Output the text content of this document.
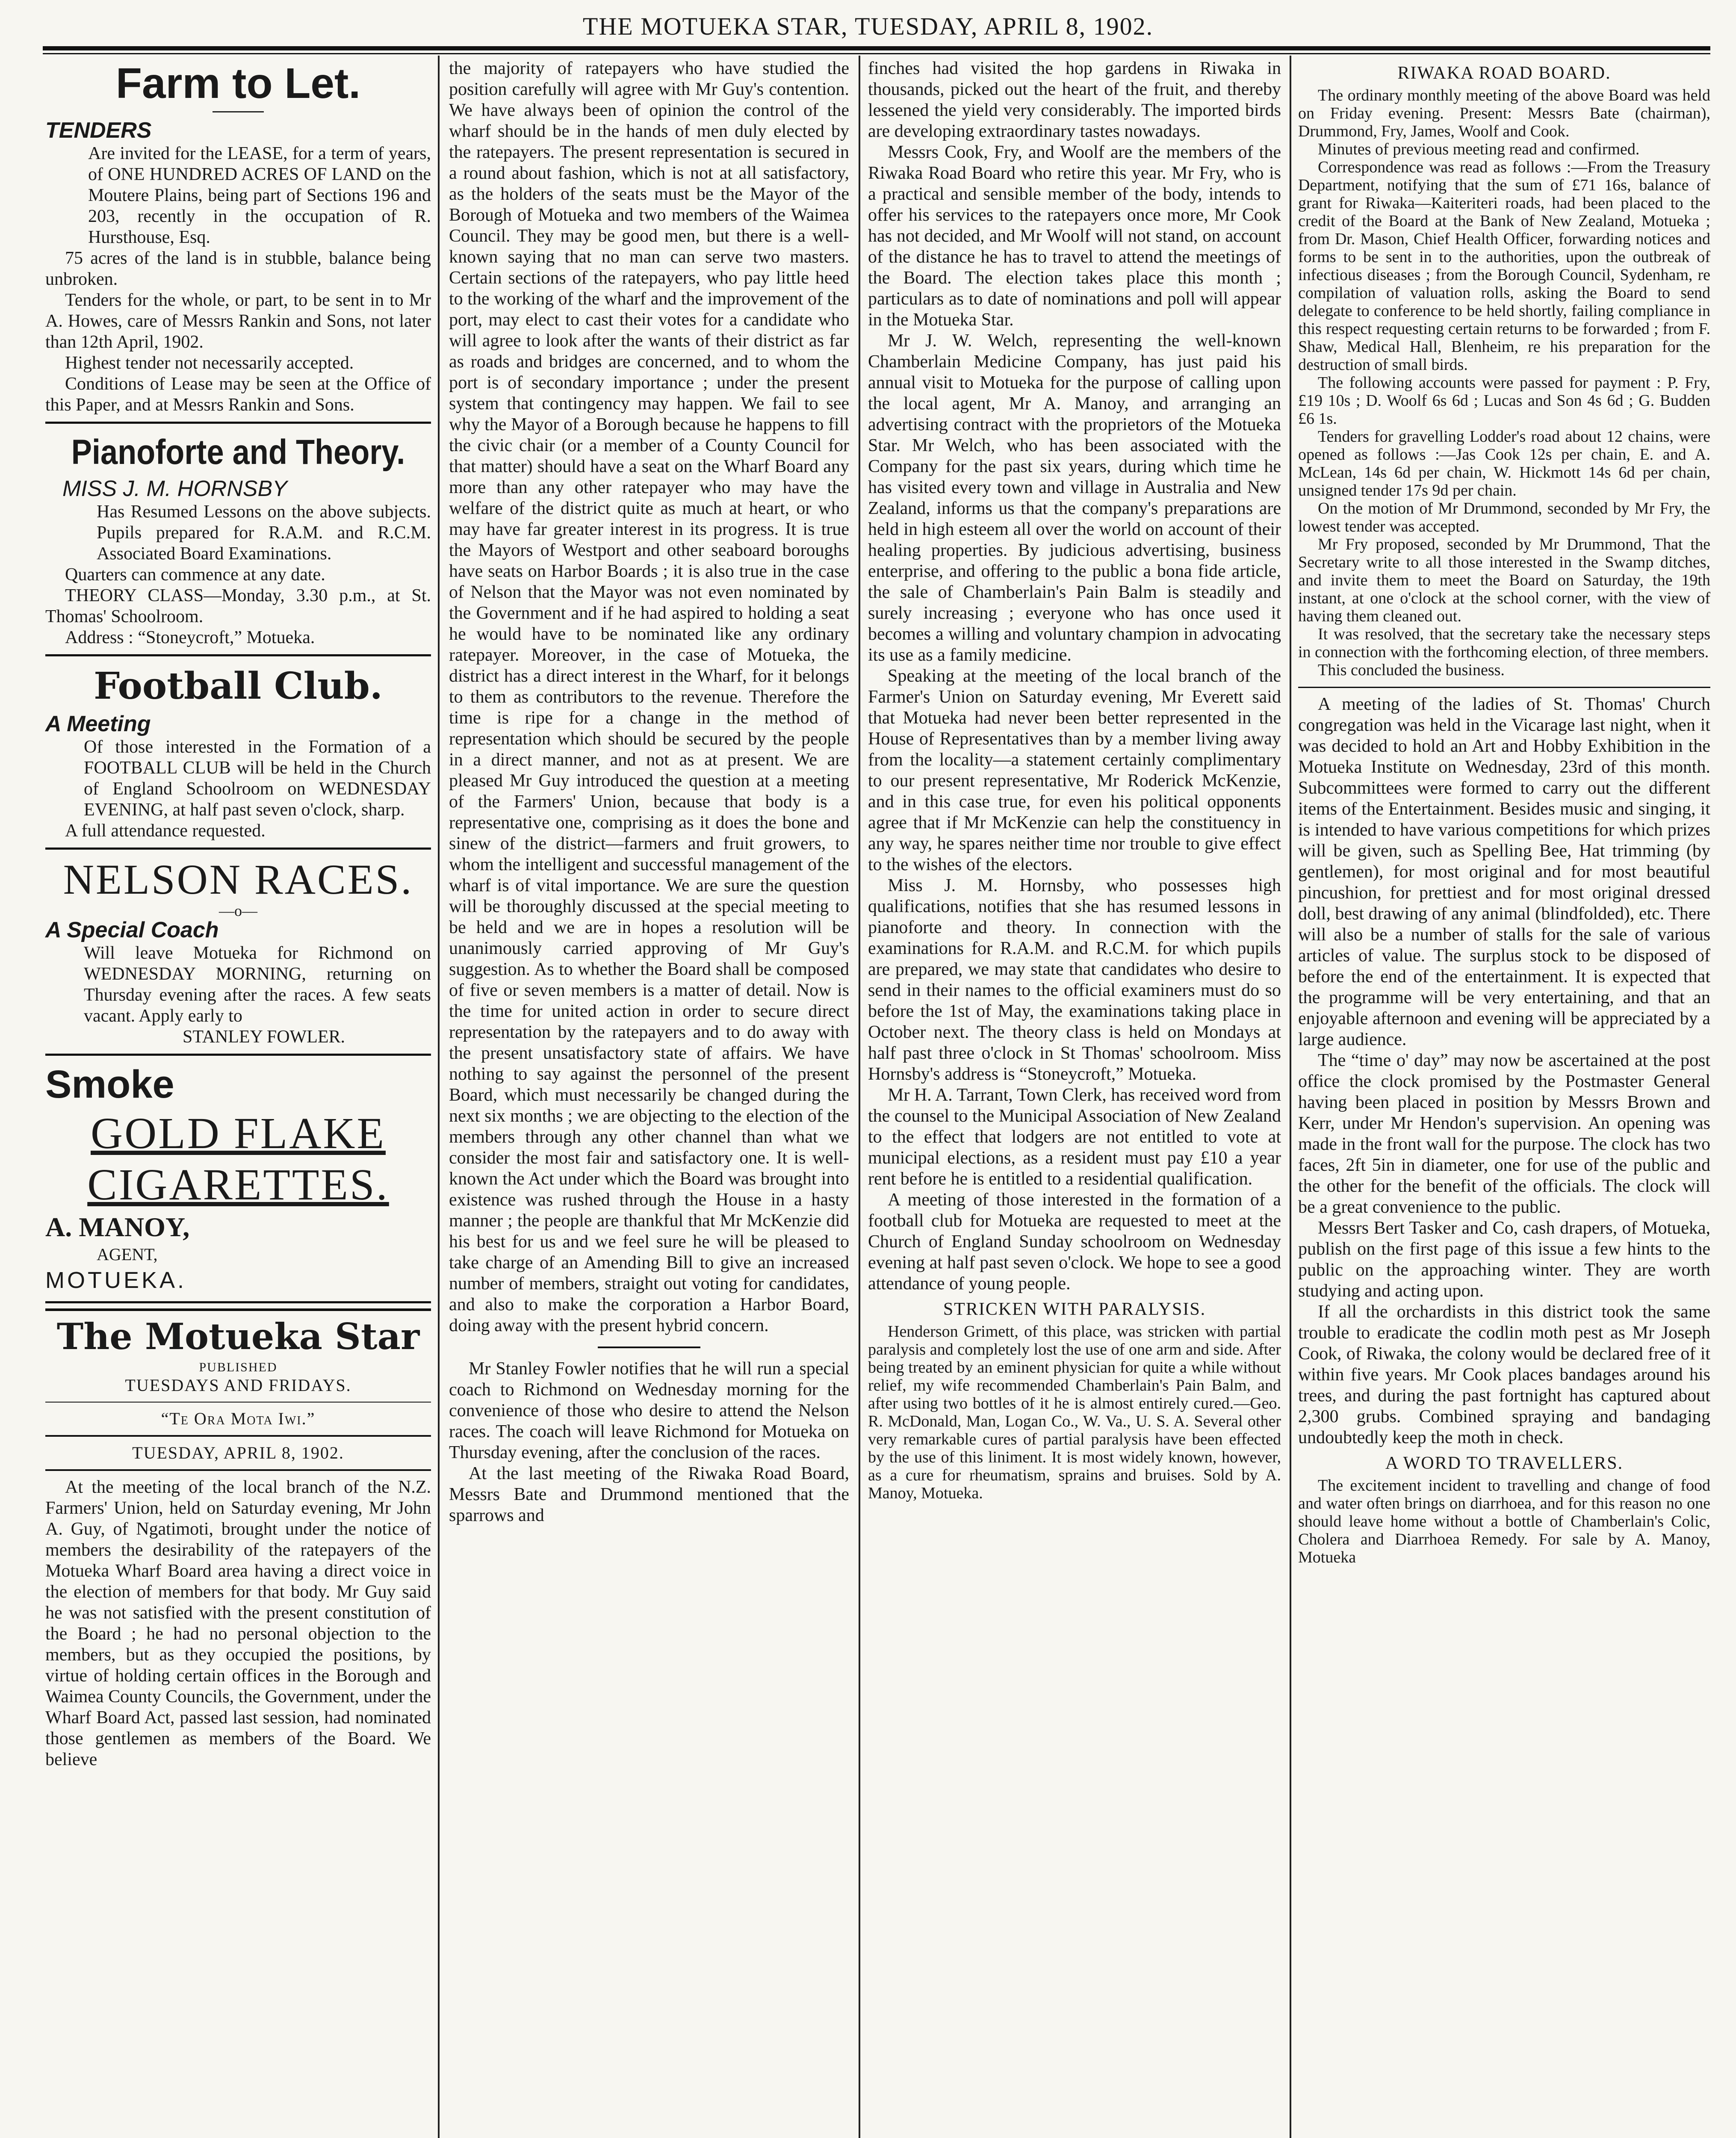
THE MOTUEKA STAR, TUESDAY, APRIL 8, 1902.
Farm to Let.
TENDERS

Are invited for the LEASE, for a term of years, of ONE HUNDRED ACRES OF LAND on the Moutere Plains, being part of Sections 196 and 203, recently in the occupation of R. Hursthouse, Esq.

75 acres of the land is in stubble, balance being unbroken.

Tenders for the whole, or part, to be sent in to Mr A. Howes, care of Messrs Rankin and Sons, not later than 12th April, 1902.

Highest tender not necessarily accepted.

Conditions of Lease may be seen at the Office of this Paper, and at Messrs Rankin and Sons.

Pianoforte and Theory.
MISS J. M. HORNSBY

Has Resumed Lessons on the above subjects. Pupils prepared for R.A.M. and R.C.M. Associated Board Examinations.

Quarters can commence at any date.

THEORY CLASS—Monday, 3.30 p.m., at St. Thomas' Schoolroom.

Address : “Stoneycroft,” Motueka.

Football Club.
A Meeting

Of those interested in the Formation of a FOOTBALL CLUB will be held in the Church of England Schoolroom on WEDNESDAY EVENING, at half past seven o'clock, sharp.

A full attendance requested.

NELSON RACES.
—o—
A Special Coach

Will leave Motueka for Richmond on WEDNESDAY MORNING, returning on Thursday evening after the races. A few seats vacant. Apply early to

STANLEY FOWLER.

Smoke
GOLD FLAKE
CIGARETTES.
A. MANOY,
AGENT,
MOTUEKA.
The Motueka Star
PUBLISHED
TUESDAYS AND FRIDAYS.
“Te Ora Mota Iwi.”
TUESDAY, APRIL 8, 1902.

At the meeting of the local branch of the N.Z. Farmers' Union, held on Saturday evening, Mr John A. Guy, of Ngatimoti, brought under the notice of members the desirability of the ratepayers of the Motueka Wharf Board area having a direct voice in the election of members for that body. Mr Guy said he was not satisfied with the present constitution of the Board ; he had no personal objection to the members, but as they occupied the positions, by virtue of holding certain offices in the Borough and Waimea County Councils, the Government, under the Wharf Board Act, passed last session, had nominated those gentlemen as members of the Board. We believe

the majority of ratepayers who have studied the position carefully will agree with Mr Guy's contention. We have always been of opinion the control of the wharf should be in the hands of men duly elected by the ratepayers. The present representation is secured in a round about fashion, which is not at all satisfactory, as the holders of the seats must be the Mayor of the Borough of Motueka and two members of the Waimea Council. They may be good men, but there is a well-known saying that no man can serve two masters. Certain sections of the ratepayers, who pay little heed to the working of the wharf and the improvement of the port, may elect to cast their votes for a candidate who will agree to look after the wants of their district as far as roads and bridges are concerned, and to whom the port is of secondary importance ; under the present system that contingency may happen. We fail to see why the Mayor of a Borough because he happens to fill the civic chair (or a member of a County Council for that matter) should have a seat on the Wharf Board any more than any other ratepayer who may have the welfare of the district quite as much at heart, or who may have far greater interest in its progress. It is true the Mayors of Westport and other seaboard boroughs have seats on Harbor Boards ; it is also true in the case of Nelson that the Mayor was not even nominated by the Government and if he had aspired to holding a seat he would have to be nominated like any ordinary ratepayer. Moreover, in the case of Motueka, the district has a direct interest in the Wharf, for it belongs to them as contributors to the revenue. Therefore the time is ripe for a change in the method of representation which should be secured by the people in a direct manner, and not as at present. We are pleased Mr Guy introduced the question at a meeting of the Farmers' Union, because that body is a representative one, comprising as it does the bone and sinew of the district—farmers and fruit growers, to whom the intelligent and successful management of the wharf is of vital importance. We are sure the question will be thoroughly discussed at the special meeting to be held and we are in hopes a resolution will be unanimously carried approving of Mr Guy's suggestion. As to whether the Board shall be composed of five or seven members is a matter of detail. Now is the time for united action in order to secure direct representation by the ratepayers and to do away with the present unsatisfactory state of affairs. We have nothing to say against the personnel of the present Board, which must necessarily be changed during the next six months ; we are objecting to the election of the members through any other channel than what we consider the most fair and satisfactory one. It is well-known the Act under which the Board was brought into existence was rushed through the House in a hasty manner ; the people are thankful that Mr McKenzie did his best for us and we feel sure he will be pleased to take charge of an Amending Bill to give an increased number of members, straight out voting for candidates, and also to make the corporation a Harbor Board, doing away with the present hybrid concern.

Mr Stanley Fowler notifies that he will run a special coach to Richmond on Wednesday morning for the convenience of those who desire to attend the Nelson races. The coach will leave Richmond for Motueka on Thursday evening, after the conclusion of the races.

At the last meeting of the Riwaka Road Board, Messrs Bate and Drummond mentioned that the sparrows and

finches had visited the hop gardens in Riwaka in thousands, picked out the heart of the fruit, and thereby lessened the yield very considerably. The imported birds are developing extraordinary tastes nowadays.

Messrs Cook, Fry, and Woolf are the members of the Riwaka Road Board who retire this year. Mr Fry, who is a practical and sensible member of the body, intends to offer his services to the ratepayers once more, Mr Cook has not decided, and Mr Woolf will not stand, on account of the distance he has to travel to attend the meetings of the Board. The election takes place this month ; particulars as to date of nominations and poll will appear in the Motueka Star.

Mr J. W. Welch, representing the well-known Chamberlain Medicine Company, has just paid his annual visit to Motueka for the purpose of calling upon the local agent, Mr A. Manoy, and arranging an advertising contract with the proprietors of the Motueka Star. Mr Welch, who has been associated with the Company for the past six years, during which time he has visited every town and village in Australia and New Zealand, informs us that the company's preparations are held in high esteem all over the world on account of their healing properties. By judicious advertising, business enterprise, and offering to the public a bona fide article, the sale of Chamberlain's Pain Balm is steadily and surely increasing ; everyone who has once used it becomes a willing and voluntary champion in advocating its use as a family medicine.

Speaking at the meeting of the local branch of the Farmer's Union on Saturday evening, Mr Everett said that Motueka had never been better represented in the House of Representatives than by a member living away from the locality—a statement certainly complimentary to our present representative, Mr Roderick McKenzie, and in this case true, for even his political opponents agree that if Mr McKenzie can help the constituency in any way, he spares neither time nor trouble to give effect to the wishes of the electors.

Miss J. M. Hornsby, who possesses high qualifications, notifies that she has resumed lessons in pianoforte and theory. In connection with the examinations for R.A.M. and R.C.M. for which pupils are prepared, we may state that candidates who desire to send in their names to the official examiners must do so before the 1st of May, the examinations taking place in October next. The theory class is held on Mondays at half past three o'clock in St Thomas' schoolroom. Miss Hornsby's address is “Stoneycroft,” Motueka.

Mr H. A. Tarrant, Town Clerk, has received word from the counsel to the Municipal Association of New Zealand to the effect that lodgers are not entitled to vote at municipal elections, as a resident must pay £10 a year rent before he is entitled to a residential qualification.

A meeting of those interested in the formation of a football club for Motueka are requested to meet at the Church of England Sunday schoolroom on Wednesday evening at half past seven o'clock. We hope to see a good attendance of young people.

STRICKEN WITH PARALYSIS.

Henderson Grimett, of this place, was stricken with partial paralysis and completely lost the use of one arm and side. After being treated by an eminent physician for quite a while without relief, my wife recommended Chamberlain's Pain Balm, and after using two bottles of it he is almost entirely cured.—Geo. R. McDonald, Man, Logan Co., W. Va., U. S. A. Several other very remarkable cures of partial paralysis have been effected by the use of this liniment. It is most widely known, however, as a cure for rheumatism, sprains and bruises. Sold by A. Manoy, Motueka.

RIWAKA ROAD BOARD.

The ordinary monthly meeting of the above Board was held on Friday evening. Present: Messrs Bate (chairman), Drummond, Fry, James, Woolf and Cook.

Minutes of previous meeting read and confirmed.

Correspondence was read as follows :—From the Treasury Department, notifying that the sum of £71 16s, balance of grant for Riwaka—Kaiteriteri roads, had been placed to the credit of the Board at the Bank of New Zealand, Motueka ; from Dr. Mason, Chief Health Officer, forwarding notices and forms to be sent in to the authorities, upon the outbreak of infectious diseases ; from the Borough Council, Sydenham, re compilation of valuation rolls, asking the Board to send delegate to conference to be held shortly, failing compliance in this respect requesting certain returns to be forwarded ; from F. Shaw, Medical Hall, Blenheim, re his preparation for the destruction of small birds.

The following accounts were passed for payment : P. Fry, £19 10s ; D. Woolf 6s 6d ; Lucas and Son 4s 6d ; G. Budden £6 1s.

Tenders for gravelling Lodder's road about 12 chains, were opened as follows :—Jas Cook 12s per chain, E. and A. McLean, 14s 6d per chain, W. Hickmott 14s 6d per chain, unsigned tender 17s 9d per chain.

On the motion of Mr Drummond, seconded by Mr Fry, the lowest tender was accepted.

Mr Fry proposed, seconded by Mr Drummond, That the Secretary write to all those interested in the Swamp ditches, and invite them to meet the Board on Saturday, the 19th instant, at one o'clock at the school corner, with the view of having them cleaned out.

It was resolved, that the secretary take the necessary steps in connection with the forthcoming election, of three members.

This concluded the business.

A meeting of the ladies of St. Thomas' Church congregation was held in the Vicarage last night, when it was decided to hold an Art and Hobby Exhibition in the Motueka Institute on Wednesday, 23rd of this month. Subcommittees were formed to carry out the different items of the Entertainment. Besides music and singing, it is intended to have various competitions for which prizes will be given, such as Spelling Bee, Hat trimming (by gentlemen), for most original and for most beautiful pincushion, for prettiest and for most original dressed doll, best drawing of any animal (blindfolded), etc. There will also be a number of stalls for the sale of various articles of value. The surplus stock to be disposed of before the end of the entertainment. It is expected that the programme will be very entertaining, and that an enjoyable afternoon and evening will be appreciated by a large audience.

The “time o' day” may now be ascertained at the post office the clock promised by the Postmaster General having been placed in position by Messrs Brown and Kerr, under Mr Hendon's supervision. An opening was made in the front wall for the purpose. The clock has two faces, 2ft 5in in diameter, one for use of the public and the other for the benefit of the officials. The clock will be a great convenience to the public.

Messrs Bert Tasker and Co, cash drapers, of Motueka, publish on the first page of this issue a few hints to the public on the approaching winter. They are worth studying and acting upon.

If all the orchardists in this district took the same trouble to eradicate the codlin moth pest as Mr Joseph Cook, of Riwaka, the colony would be declared free of it within five years. Mr Cook places bandages around his trees, and during the past fortnight has captured about 2,300 grubs. Combined spraying and bandaging undoubtedly keep the moth in check.

A WORD TO TRAVELLERS.

The excitement incident to travelling and change of food and water often brings on diarrhoea, and for this reason no one should leave home without a bottle of Chamberlain's Colic, Cholera and Diarrhoea Remedy. For sale by A. Manoy, Motueka
